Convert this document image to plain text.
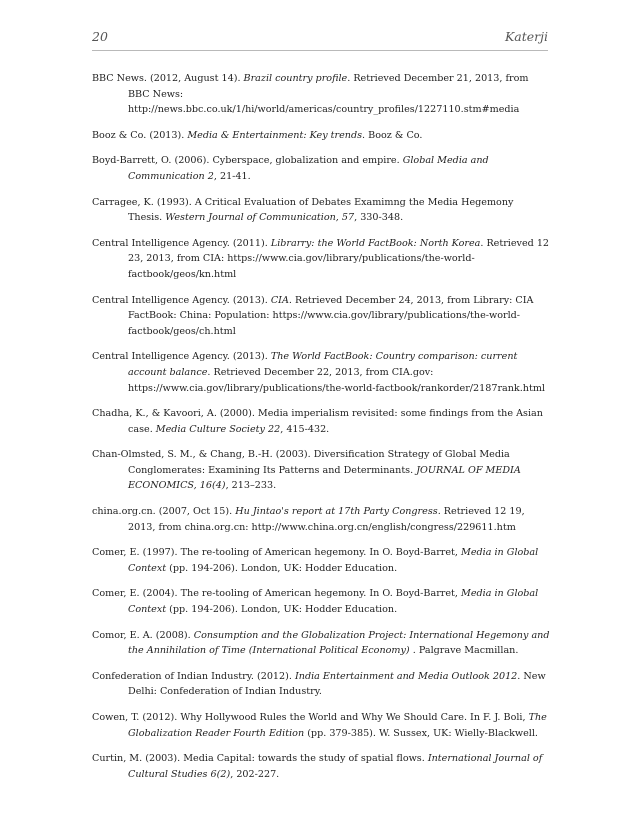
20	Katerji

BBC News. (2012, August 14). Brazil country profile. Retrieved December 21, 2013, from BBC News: http://news.bbc.co.uk/1/hi/world/americas/country_profiles/1227110.stm#media

Booz & Co. (2013). Media & Entertainment: Key trends. Booz & Co.

Boyd-Barrett, O. (2006). Cyberspace, globalization and empire. Global Media and Communication 2, 21-41.

Carragee, K. (1993). A Critical Evaluation of Debates Examimng the Media Hegemony Thesis. Western Journal of Communication, 57, 330-348.

Central Intelligence Agency. (2011). Librarry: the World FactBook: North Korea. Retrieved 12 23, 2013, from CIA: https://www.cia.gov/library/publications/the-world-factbook/geos/kn.html

Central Intelligence Agency. (2013). CIA. Retrieved December 24, 2013, from Library: CIA FactBook: China: Population: https://www.cia.gov/library/publications/the-world-factbook/geos/ch.html

Central Intelligence Agency. (2013). The World FactBook: Country comparison: current account balance. Retrieved December 22, 2013, from CIA.gov: https://www.cia.gov/library/publications/the-world-factbook/rankorder/2187rank.html

Chadha, K., & Kavoori, A. (2000). Media imperialism revisited: some findings from the Asian case. Media Culture Society 22, 415-432.

Chan-Olmsted, S. M., & Chang, B.-H. (2003). Diversification Strategy of Global Media Conglomerates: Examining Its Patterns and Determinants. JOURNAL OF MEDIA ECONOMICS, 16(4), 213–233.

china.org.cn. (2007, Oct 15). Hu Jintao's report at 17th Party Congress. Retrieved 12 19, 2013, from china.org.cn: http://www.china.org.cn/english/congress/229611.htm

Comer, E. (1997). The re-tooling of American hegemony. In O. Boyd-Barret, Media in Global Context (pp. 194-206). London, UK: Hodder Education.

Comer, E. (2004). The re-tooling of American hegemony. In O. Boyd-Barret, Media in Global Context (pp. 194-206). London, UK: Hodder Education.

Comor, E. A. (2008). Consumption and the Globalization Project: International Hegemony and the Annihilation of Time (International Political Economy) . Palgrave Macmillan.

Confederation of Indian Industry. (2012). India Entertainment and Media Outlook 2012. New Delhi: Confederation of Indian Industry.

Cowen, T. (2012). Why Hollywood Rules the World and Why We Should Care. In F. J. Boli, The Globalization Reader Fourth Edition (pp. 379-385). W. Sussex, UK: Wielly-Blackwell.

Curtin, M. (2003). Media Capital: towards the study of spatial flows. International Journal of Cultural Studies 6(2), 202-227.
